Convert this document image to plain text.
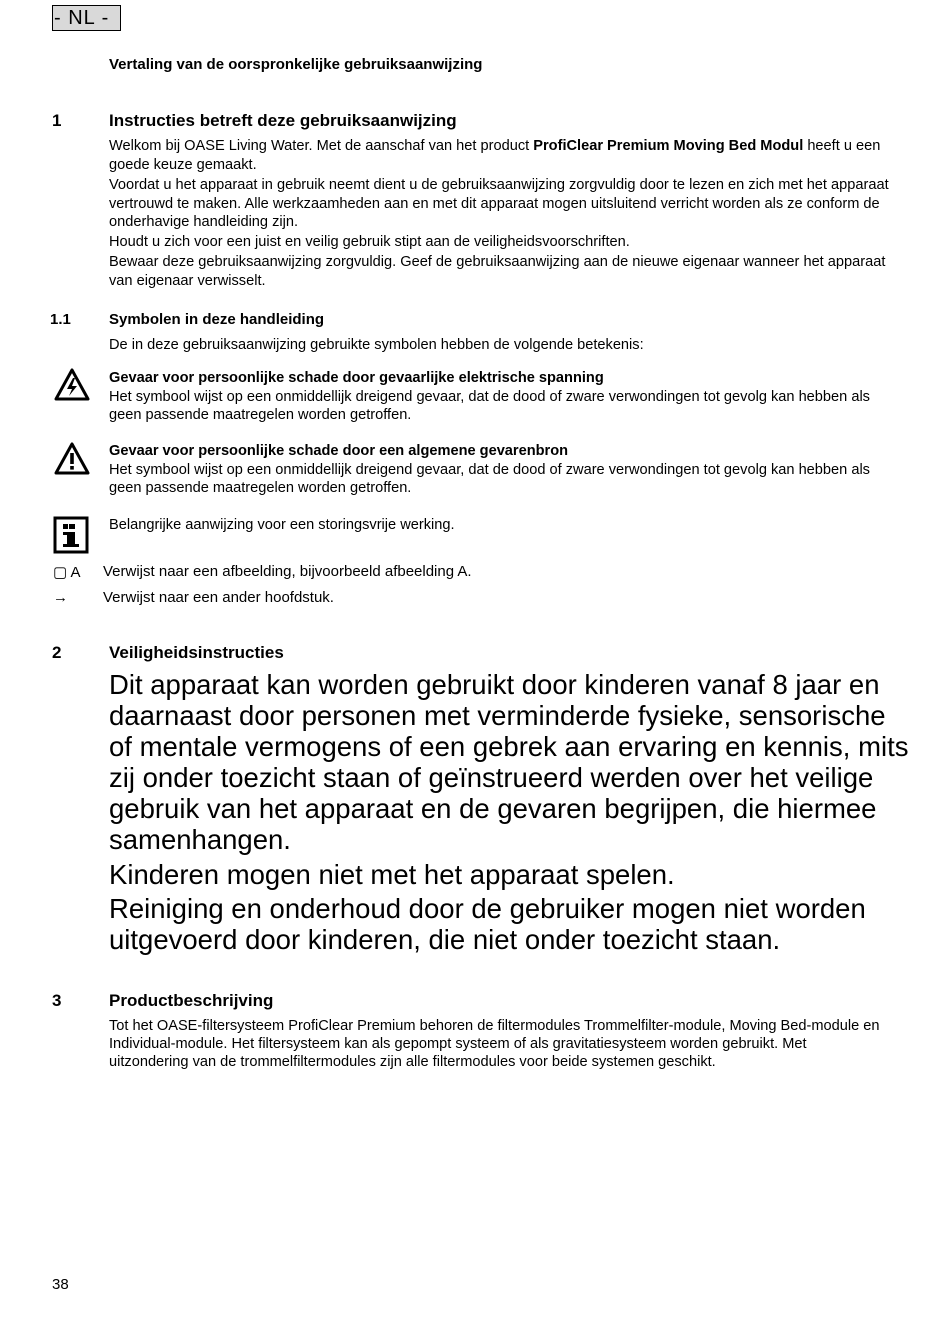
- NL -
Vertaling van de oorspronkelijke gebruiksaanwijzing
1	Instructies betreft deze gebruiksaanwijzing
Welkom bij OASE Living Water. Met de aanschaf van het product ProfiClear Premium Moving Bed Modul heeft u een goede keuze gemaakt.
Voordat u het apparaat in gebruik neemt dient u de gebruiksaanwijzing zorgvuldig door te lezen en zich met het apparaat vertrouwd te maken. Alle werkzaamheden aan en met dit apparaat mogen uitsluitend verricht worden als ze conform de onderhavige handleiding zijn.
Houdt u zich voor een juist en veilig gebruik stipt aan de veiligheidsvoorschriften.
Bewaar deze gebruiksaanwijzing zorgvuldig. Geef de gebruiksaanwijzing aan de nieuwe eigenaar wanneer het apparaat van eigenaar verwisselt.
1.1	Symbolen in deze handleiding
De in deze gebruiksaanwijzing gebruikte symbolen hebben de volgende betekenis:
Gevaar voor persoonlijke schade door gevaarlijke elektrische spanning
Het symbool wijst op een onmiddellijk dreigend gevaar, dat de dood of zware verwondingen tot gevolg kan hebben als geen passende maatregelen worden getroffen.
Gevaar voor persoonlijke schade door een algemene gevarenbron
Het symbool wijst op een onmiddellijk dreigend gevaar, dat de dood of zware verwondingen tot gevolg kan hebben als geen passende maatregelen worden getroffen.
Belangrijke aanwijzing voor een storingsvrije werking.
▢ A Verwijst naar een afbeelding, bijvoorbeeld afbeelding A.
→ Verwijst naar een ander hoofdstuk.
2	Veiligheidsinstructies
Dit apparaat kan worden gebruikt door kinderen vanaf 8 jaar en daarnaast door personen met verminderde fysieke, sensorische of mentale vermogens of een gebrek aan ervaring en kennis, mits zij onder toezicht staan of geïnstrueerd werden over het veilige gebruik van het apparaat en de gevaren begrijpen, die hiermee samenhangen.
Kinderen mogen niet met het apparaat spelen.
Reiniging en onderhoud door de gebruiker mogen niet worden uitgevoerd door kinderen, die niet onder toezicht staan.
3	Productbeschrijving
Tot het OASE-filtersysteem ProfiClear Premium behoren de filtermodules Trommelfilter-module, Moving Bed-module en Individual-module. Het filtersysteem kan als gepompt systeem of als gravitatiesysteem worden gebruikt. Met uitzondering van de trommelfiltermodules zijn alle filtermodules voor beide systemen geschikt.
38
